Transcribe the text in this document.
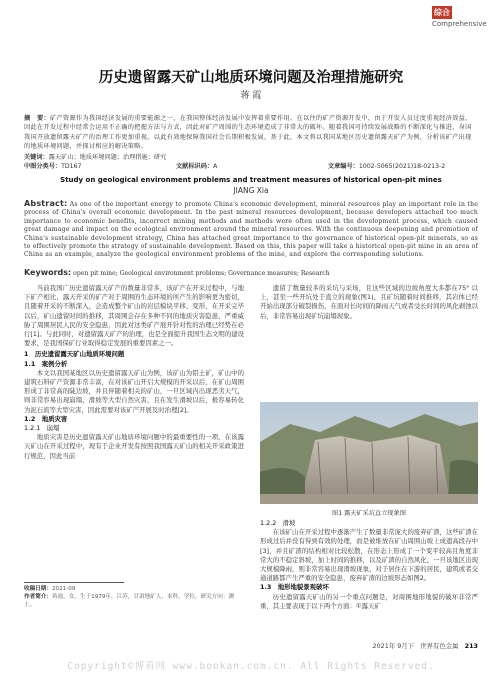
综合
Comprehensive
历史遗留露天矿山地质环境问题及治理措施研究
蒋 霞
摘　要：矿产资源作为我国经济发展的重要能源之一，在我国整体经济发展中发挥着重要作用。在以往的矿产资源开发中，由于开发人员过度重视经济效益，因此在开发过程中经常会运用不正确的把握方法与方式，因此对矿产周围的生态环境造成了非常大的破坏。随着我国可持续发展战略的不断深化与推进，身国我国开放遗留露天矿产的治理工作更加重视。以此有效地保障我国社会长期积极发展，基于此，本文将以我国某地区历史遗留露天矿产为例，分析该矿产出现的地质环境问题，并探讨相应的解决策略。
关键词：露天矿山；地质环境问题；治理措施；研究
中图分类号：TD167	文献标识码：A	文章编号：1002-5065(2021)18-0213-2
Study on geological environment problems and treatment measures of historical open-pit mines
JIANG Xia
Abstract: As one of the important energy to promote China's economic development, mineral resources play an important role in the process of China's overall economic development. In the past mineral resources development, because developers attached too much importance to economic benefits, incorrect mining methods and methods were often used in the development process, which caused great damage and impact on the ecological environment around the mineral resources. With the continuous deepening and promotion of China's sustainable development strategy, China has attached great importance to the governance of historical open-pit minerals, so as to effectively promote the strategy of sustainable development. Based on this, this paper will take a historical open-pit mine in an area of China as an example, analyze the geological environment problems of the mine, and explore the corresponding solutions.
Keywords: open pit mine; Geological environment problems; Governance measures; Research

当前我国广历史遗留露天矿产的数量非常多，该矿产在开采过程中，与地下矿产相比，露天开采的矿产对于周围的生态环境的所产生的影响更为密切，且随着开采的不断深入，会造成整个矿山的岩层模块平移、变形，在开采完毕以后，矿山遗留时间的推移，其周围会存在多种不同的地质灾害隐患，严重威胁了周围居民人民的安全隐患，因此对这类矿产展开针对性的治理已经势在必行[1]。与此同时，对遗留露天矿产的治理，也是全面提升我国生态文明的建设要求，是我国保矿行业取得稳定发展的重要因素之一。

1　 历史遗留露天矿山地质环境问题

1.1　案例分析

本文以我国某地区以历史遗留露天矿山为例，该矿山为铝土矿，矿山中的建筑石料矿产资源非常丰富，在对该矿山开启大规模的开采以后，在矿山周围形成了非常高的陡边坡，并且伴随着相关的矿山，一旦区域内出现恶劣天气，则非常容易出现崩塌、滑坡等大型自然灾害，且在发生滑坡以后，极容易转化为泥石流等大型灾害，因此需要对该矿产开展及时治理[2]。

1.2　地质灾害

1.2.1　崩塌

地质灾害是历史遗留露天矿山地质环境问题中的最重要性的一项，在该露天矿山在开采过程中，现有于企业开发有按照我国露天矿山的相关开采政策进行规范，因此当前

遗留了数量较多的采坑与采场，且这些区域的边坡角度大多都在75° 以上，甚至一些开坑处于直立的现象(图1)，且矿坑随着时间推移，其岩体已经开始出现部分破裂损伤，在面对长时间的降雨天气或者受长时间的风化剥蚀以后，非常容易出现矿坑崩塌现象。

图1 露天矿采坑直立现象图

1.2.2　 滑坡

在该矿山在开采过程中逐渐产生了数量非常庞大的废弃矿渣，这些矿渣在形成过后并没有得到有效的处理，而是被堆放在矿山周围山坡上成遗高段存中[3]，并且矿渣的结构相对比较松散，在形态上形成了一个变平较高且角度非常大的不稳定斜坡，加上时间的推移，以及矿渣的自然风化，一旦该地区出现大规模降雨，则非常容易出现滑坡现象，对于居住在下游的居民，建筑或者交通道路都产生严重的安全隐患，废弃矿渣的边坡形态如图2。

1.3　地形地貌景观破坏

历史遗留露天矿山的另一个重点问题是，对周围地形地貌的破坏非常严重，其主要表现于以下两个方面：①露天矿

收稿日期：2021-09
作者简介：蒋霞，女，生于1979年，江苏，甘肃地矿人，本科，学位，研究方向：测土。
2021年 9月下 世界有色金属 213
Copyright©博看网 www.bookan.com.cn. All Rights Reserved.
